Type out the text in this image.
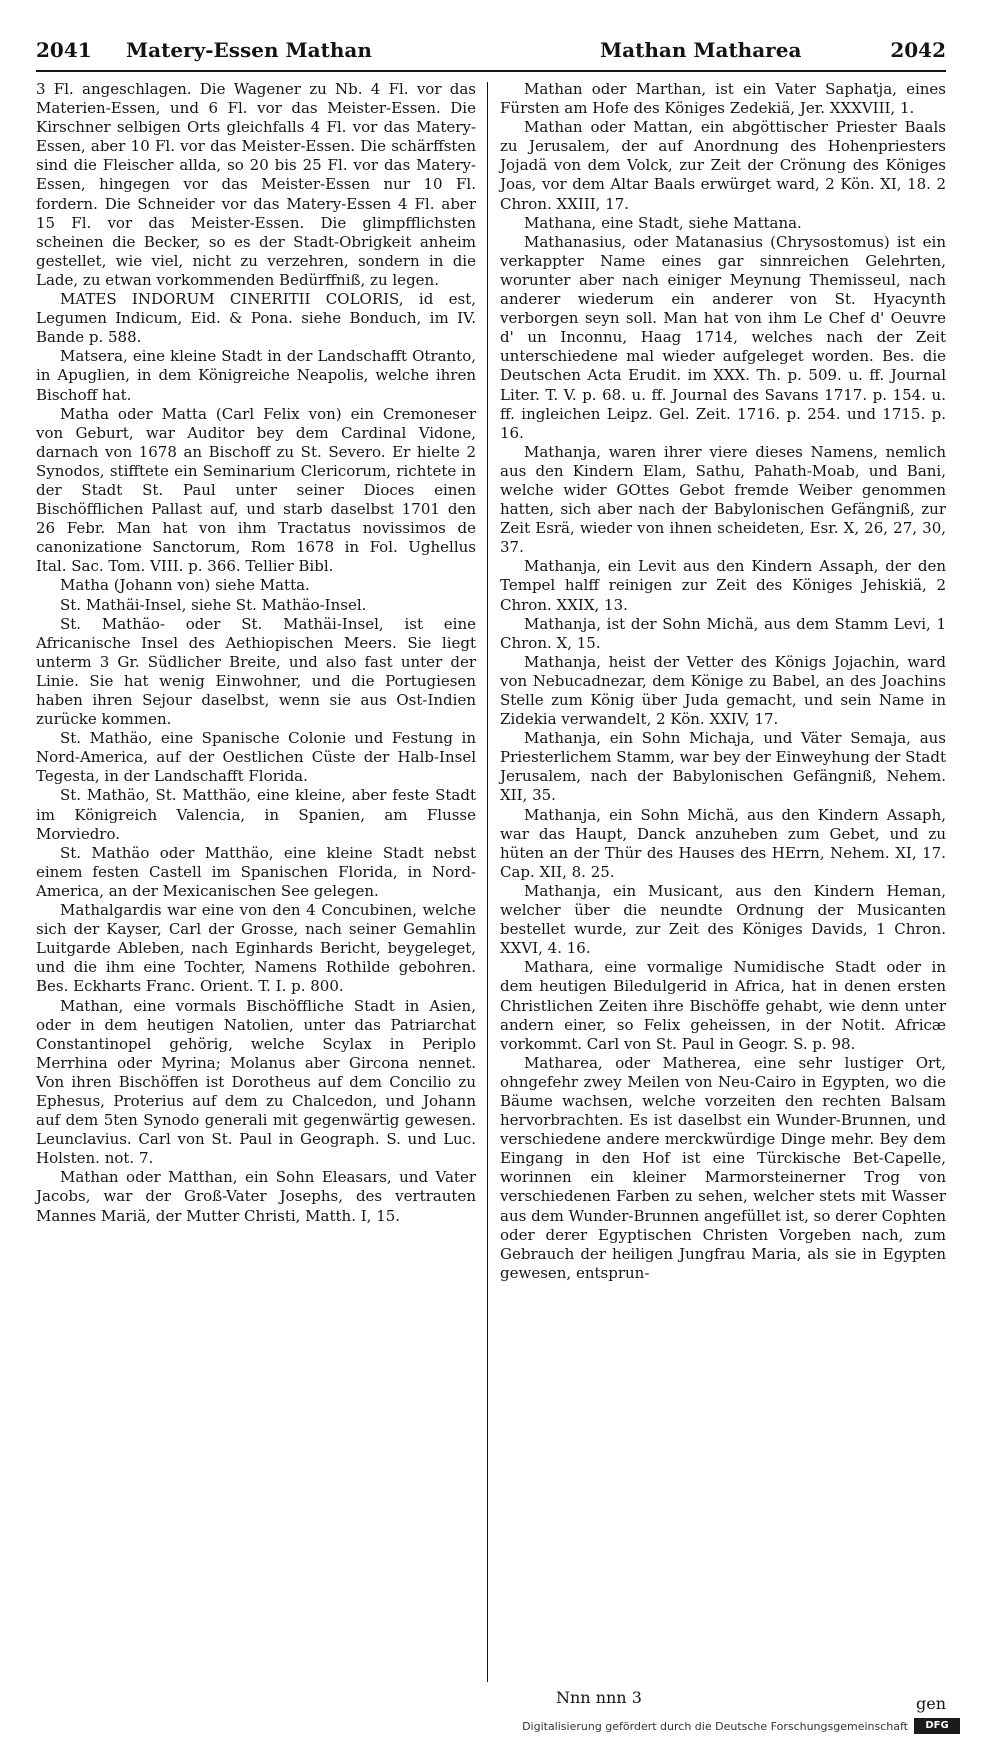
2041 Matery-Essen Mathan	Mathan Matharea	2042

3 Fl. angeschlagen. Die Wagener zu Nb. 4 Fl. vor das Materien-Essen, und 6 Fl. vor das Meister-Essen. Die Kirschner selbigen Orts gleichfalls 4 Fl. vor das Matery-Essen, aber 10 Fl. vor das Meister-Essen. Die schärffsten sind die Fleischer allda, so 20 bis 25 Fl. vor das Matery-Essen, hingegen vor das Meister-Essen nur 10 Fl. fordern. Die Schneider vor das Matery-Essen 4 Fl. aber 15 Fl. vor das Meister-Essen. Die glimpfflichsten scheinen die Becker, so es der Stadt-Obrigkeit anheim gestellet, wie viel, nicht zu verzehren, sondern in die Lade, zu etwan vorkommenden Bedürffniß, zu legen.

MATES INDORUM CINERITII COLORIS, id est, Legumen Indicum, Eid. & Pona. siehe Bonduch, im IV. Bande p. 588.

Matsera, eine kleine Stadt in der Landschafft Otranto, in Apuglien, in dem Königreiche Neapolis, welche ihren Bischoff hat.

Matha oder Matta (Carl Felix von) ein Cremoneser von Geburt, war Auditor bey dem Cardinal Vidone, darnach von 1678 an Bischoff zu St. Severo. Er hielte 2 Synodos, stifftete ein Seminarium Clericorum, richtete in der Stadt St. Paul unter seiner Dioces einen Bischöfflichen Pallast auf, und starb daselbst 1701 den 26 Febr. Man hat von ihm Tractatus novissimos de canonizatione Sanctorum, Rom 1678 in Fol. Ughellus Ital. Sac. Tom. VIII. p. 366. Tellier Bibl.

Matha (Johann von) siehe Matta.

St. Mathäi-Insel, siehe St. Mathäo-Insel.

St. Mathäo- oder St. Mathäi-Insel, ist eine Africanische Insel des Aethiopischen Meers. Sie liegt unterm 3 Gr. Südlicher Breite, und also fast unter der Linie. Sie hat wenig Einwohner, und die Portugiesen haben ihren Sejour daselbst, wenn sie aus Ost-Indien zurücke kommen.

St. Mathäo, eine Spanische Colonie und Festung in Nord-America, auf der Oestlichen Cüste der Halb-Insel Tegesta, in der Landschafft Florida.

St. Mathäo, St. Matthäo, eine kleine, aber feste Stadt im Königreich Valencia, in Spanien, am Flusse Morviedro.

St. Mathäo oder Matthäo, eine kleine Stadt nebst einem festen Castell im Spanischen Florida, in Nord-America, an der Mexicanischen See gelegen.

Mathalgardis war eine von den 4 Concubinen, welche sich der Kayser, Carl der Grosse, nach seiner Gemahlin Luitgarde Ableben, nach Eginhards Bericht, beygeleget, und die ihm eine Tochter, Namens Rothilde gebohren. Bes. Eckharts Franc. Orient. T. I. p. 800.

Mathan, eine vormals Bischöffliche Stadt in Asien, oder in dem heutigen Natolien, unter das Patriarchat Constantinopel gehörig, welche Scylax in Periplo Merrhina oder Myrina; Molanus aber Gircona nennet. Von ihren Bischöffen ist Dorotheus auf dem Concilio zu Ephesus, Proterius auf dem zu Chalcedon, und Johann auf dem 5ten Synodo generali mit gegenwärtig gewesen. Leunclavius. Carl von St. Paul in Geograph. S. und Luc. Holsten. not. 7.

Mathan oder Matthan, ein Sohn Eleasars, und Vater Jacobs, war der Groß-Vater Josephs, des vertrauten Mannes Mariä, der Mutter Christi, Matth. I, 15.

Mathan oder Marthan, ist ein Vater Saphatja, eines Fürsten am Hofe des Königes Zedekiä, Jer. XXXVIII, 1.

Mathan oder Mattan, ein abgöttischer Priester Baals zu Jerusalem, der auf Anordnung des Hohenpriesters Jojadä von dem Volck, zur Zeit der Crönung des Königes Joas, vor dem Altar Baals erwürget ward, 2 Kön. XI, 18. 2 Chron. XXIII, 17.

Mathana, eine Stadt, siehe Mattana.

Mathanasius, oder Matanasius (Chrysostomus) ist ein verkappter Name eines gar sinnreichen Gelehrten, worunter aber nach einiger Meynung Themisseul, nach anderer wiederum ein anderer von St. Hyacynth verborgen seyn soll. Man hat von ihm Le Chef d' Oeuvre d' un Inconnu, Haag 1714, welches nach der Zeit unterschiedene mal wieder aufgeleget worden. Bes. die Deutschen Acta Erudit. im XXX. Th. p. 509. u. ff. Journal Liter. T. V. p. 68. u. ff. Journal des Savans 1717. p. 154. u. ff. ingleichen Leipz. Gel. Zeit. 1716. p. 254. und 1715. p. 16.

Mathanja, waren ihrer viere dieses Namens, nemlich aus den Kindern Elam, Sathu, Pahath-Moab, und Bani, welche wider GOttes Gebot fremde Weiber genommen hatten, sich aber nach der Babylonischen Gefängniß, zur Zeit Esrä, wieder von ihnen scheideten, Esr. X, 26, 27, 30, 37.

Mathanja, ein Levit aus den Kindern Assaph, der den Tempel halff reinigen zur Zeit des Königes Jehiskiä, 2 Chron. XXIX, 13.

Mathanja, ist der Sohn Michä, aus dem Stamm Levi, 1 Chron. X, 15.

Mathanja, heist der Vetter des Königs Jojachin, ward von Nebucadnezar, dem Könige zu Babel, an des Joachins Stelle zum König über Juda gemacht, und sein Name in Zidekia verwandelt, 2 Kön. XXIV, 17.

Mathanja, ein Sohn Michaja, und Väter Semaja, aus Priesterlichem Stamm, war bey der Einweyhung der Stadt Jerusalem, nach der Babylonischen Gefängniß, Nehem. XII, 35.

Mathanja, ein Sohn Michä, aus den Kindern Assaph, war das Haupt, Danck anzuheben zum Gebet, und zu hüten an der Thür des Hauses des HErrn, Nehem. XI, 17. Cap. XII, 8. 25.

Mathanja, ein Musicant, aus den Kindern Heman, welcher über die neundte Ordnung der Musicanten bestellet wurde, zur Zeit des Königes Davids, 1 Chron. XXVI, 4. 16.

Mathara, eine vormalige Numidische Stadt oder in dem heutigen Biledulgerid in Africa, hat in denen ersten Christlichen Zeiten ihre Bischöffe gehabt, wie denn unter andern einer, so Felix geheissen, in der Notit. Africæ vorkommt. Carl von St. Paul in Geogr. S. p. 98.

Matharea, oder Matherea, eine sehr lustiger Ort, ohngefehr zwey Meilen von Neu-Cairo in Egypten, wo die Bäume wachsen, welche vorzeiten den rechten Balsam hervorbrachten. Es ist daselbst ein Wunder-Brunnen, und verschiedene andere merckwürdige Dinge mehr. Bey dem Eingang in den Hof ist eine Türckische Bet-Capelle, worinnen ein kleiner Marmorsteinerner Trog von verschiedenen Farben zu sehen, welcher stets mit Wasser aus dem Wunder-Brunnen angefüllet ist, so derer Cophten oder derer Egyptischen Christen Vorgeben nach, zum Gebrauch der heiligen Jungfrau Maria, als sie in Egypten gewesen, entsprun-

Nnn nnn 3	gen
Digitalisierung gefördert durch die Deutsche Forschungsgemeinschaft	DFG
